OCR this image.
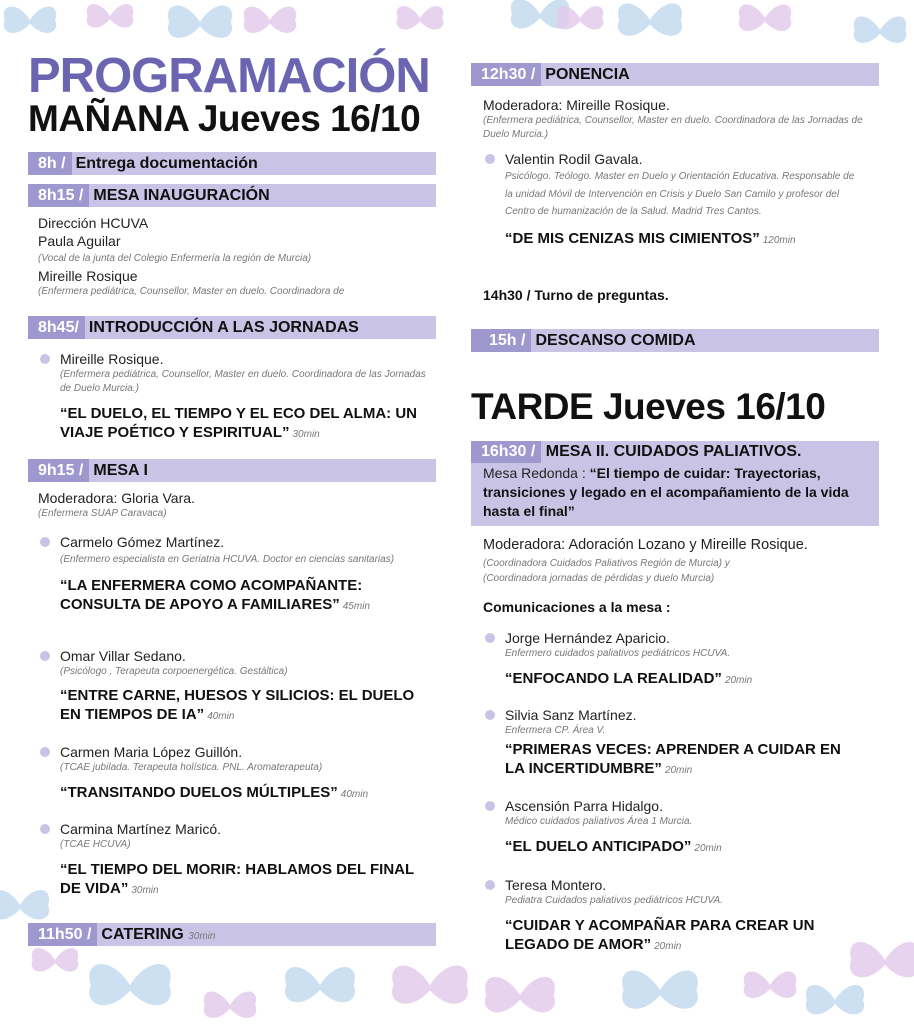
PROGRAMACIÓN
MAÑANA Jueves 16/10
8h / Entrega documentación
8h15 / MESA INAUGURACIÓN
Dirección HCUVA
Paula Aguilar
(Vocal de la junta del Colegio Enfermería la región de Murcia)
Mireille Rosique
(Enfermera pediátrica, Counsellor, Master en duelo. Coordinadora de
8h45/ INTRODUCCIÓN A LAS JORNADAS
Mireille Rosique.
(Enfermera pediátrica, Counsellor, Master en duelo. Coordinadora de las Jornadas de Duelo Murcia.)
“EL DUELO, EL TIEMPO Y EL ECO DEL ALMA: UN VIAJE POÉTICO Y ESPIRITUAL” 30min
9h15 / MESA I
Moderadora: Gloria Vara.
(Enfermera SUAP Caravaca)
Carmelo Gómez Martínez.
(Enfermero especialista en Geriatria HCUVA. Doctor en ciencias sanitarias)
“LA ENFERMERA COMO ACOMPAÑANTE: CONSULTA DE APOYO A FAMILIARES” 45min
Omar Villar Sedano.
(Psicólogo , Terapeuta corpoenergética. Gestáltica)
“ENTRE CARNE, HUESOS Y SILICIOS: EL DUELO EN TIEMPOS DE IA” 40min
Carmen Maria López Guillón.
(TCAE jubilada. Terapeuta holística. PNL. Aromaterapeuta)
“TRANSITANDO DUELOS MÚLTIPLES” 40min
Carmina Martínez Maricó.
(TCAE HCUVA)
“EL TIEMPO DEL MORIR: HABLAMOS DEL FINAL DE VIDA” 30min
11h50 / CATERING 30min
12h30 / PONENCIA
Moderadora: Mireille Rosique.
(Enfermera pediátrica, Counsellor, Master en duelo. Coordinadora de las Jornadas de Duelo Murcia.)
Valentin Rodil Gavala.
Psicólogo. Teólogo. Master en Duelo y Orientación Educativa. Responsable de la unidad Móvil de Intervención en Crisis y Duelo San Camilo y profesor del Centro de humanización de la Salud. Madrid Tres Cantos.
“DE MIS CENIZAS MIS CIMIENTOS” 120min
14h30 / Turno de preguntas.
15h / DESCANSO COMIDA
TARDE Jueves 16/10
16h30 / MESA II. CUIDADOS PALIATIVOS.
Mesa Redonda : “El tiempo de cuidar: Trayectorias, transiciones y legado en el acompañamiento de la vida hasta el final”
Moderadora: Adoración Lozano y Mireille Rosique.
(Coordinadora Cuidados Paliativos Región de Murcia) y
(Coordinadora jornadas de pérdidas y duelo Murcia)
Comunicaciones a la mesa :
Jorge Hernández Aparicio.
Enfermero cuidados paliativos pediátricos HCUVA.
“ENFOCANDO LA REALIDAD” 20min
Silvia Sanz Martínez.
Enfermera CP. Área V.
“PRIMERAS VECES: APRENDER A CUIDAR EN LA INCERTIDUMBRE” 20min
Ascensión Parra Hidalgo.
Médico cuidados paliativos Área 1 Murcia.
“EL DUELO ANTICIPADO” 20min
Teresa Montero.
Pediatra Cuidados paliativos pediátricos HCUVA.
“CUIDAR Y ACOMPAÑAR PARA CREAR UN LEGADO DE AMOR” 20min
